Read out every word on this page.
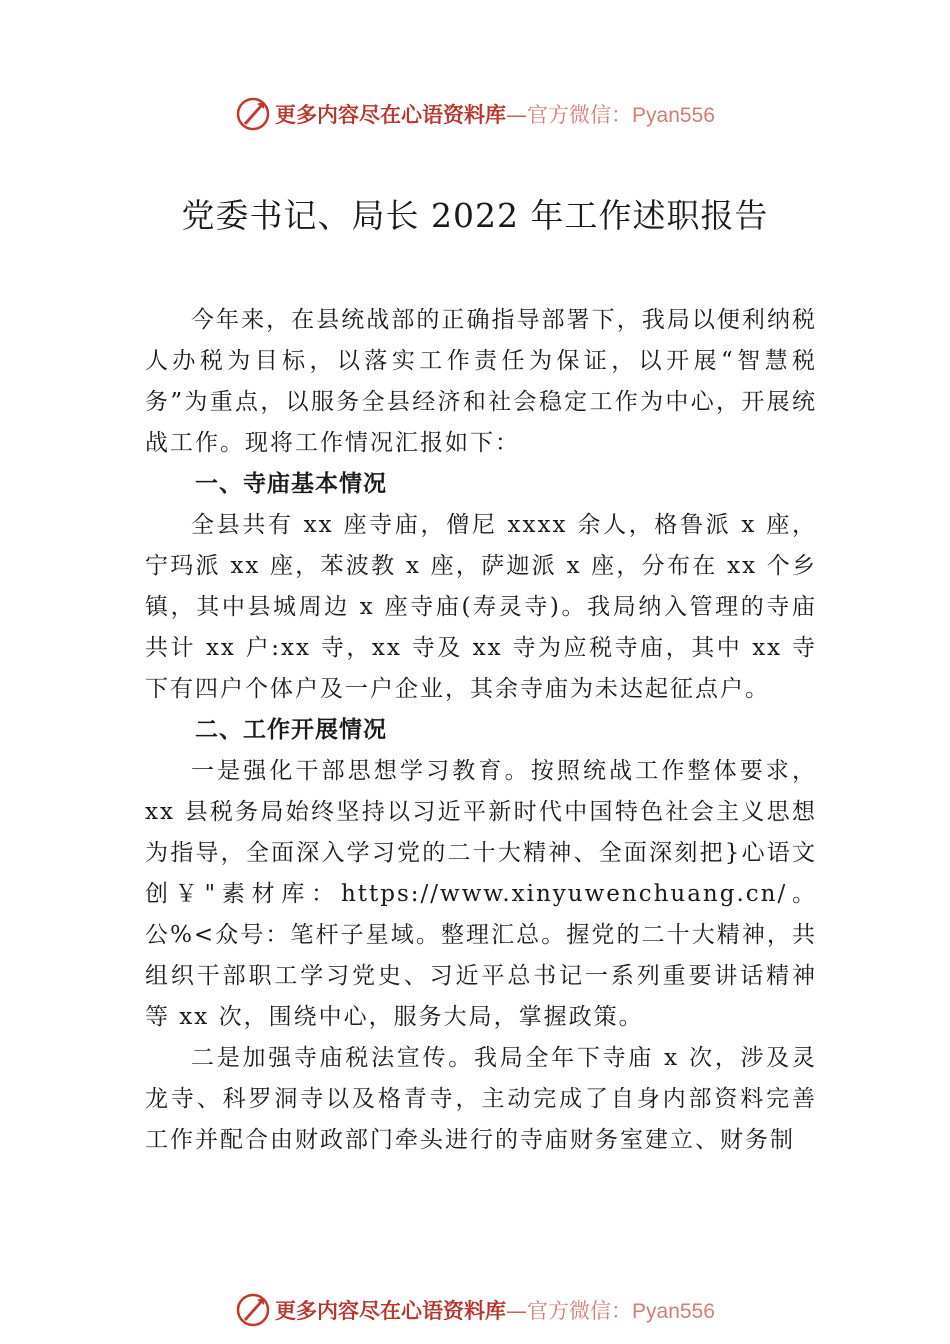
更多内容尽在心语资料库—官方微信：Pyan556
党委书记、局长 2022 年工作述职报告

今年来，在县统战部的正确指导部署下，我局以便利纳税人办税为目标，以落实工作责任为保证，以开展“智慧税务”为重点，以服务全县经济和社会稳定工作为中心，开展统战工作。现将工作情况汇报如下：

一、寺庙基本情况

全县共有 xx 座寺庙，僧尼 xxxx 余人，格鲁派 x 座，宁玛派 xx 座，苯波教 x 座，萨迦派 x 座，分布在 xx 个乡镇，其中县城周边 x 座寺庙(寿灵寺)。我局纳入管理的寺庙共计 xx 户:xx 寺，xx 寺及 xx 寺为应税寺庙，其中 xx 寺下有四户个体户及一户企业，其余寺庙为未达起征点户。

二、工作开展情况

一是强化干部思想学习教育。按照统战工作整体要求，xx 县税务局始终坚持以习近平新时代中国特色社会主义思想为指导，全面深入学习党的二十大精神、全面深刻把}心语文创￥"素材库：https://www.xinyuwenchuang.cn/。公%<众号：笔杆子星域。整理汇总。握党的二十大精神，共组织干部职工学习党史、习近平总书记一系列重要讲话精神等 xx 次，围绕中心，服务大局，掌握政策。

二是加强寺庙税法宣传。我局全年下寺庙 x 次，涉及灵龙寺、科罗洞寺以及格青寺，主动完成了自身内部资料完善工作并配合由财政部门牵头进行的寺庙财务室建立、财务制

更多内容尽在心语资料库—官方微信：Pyan556
